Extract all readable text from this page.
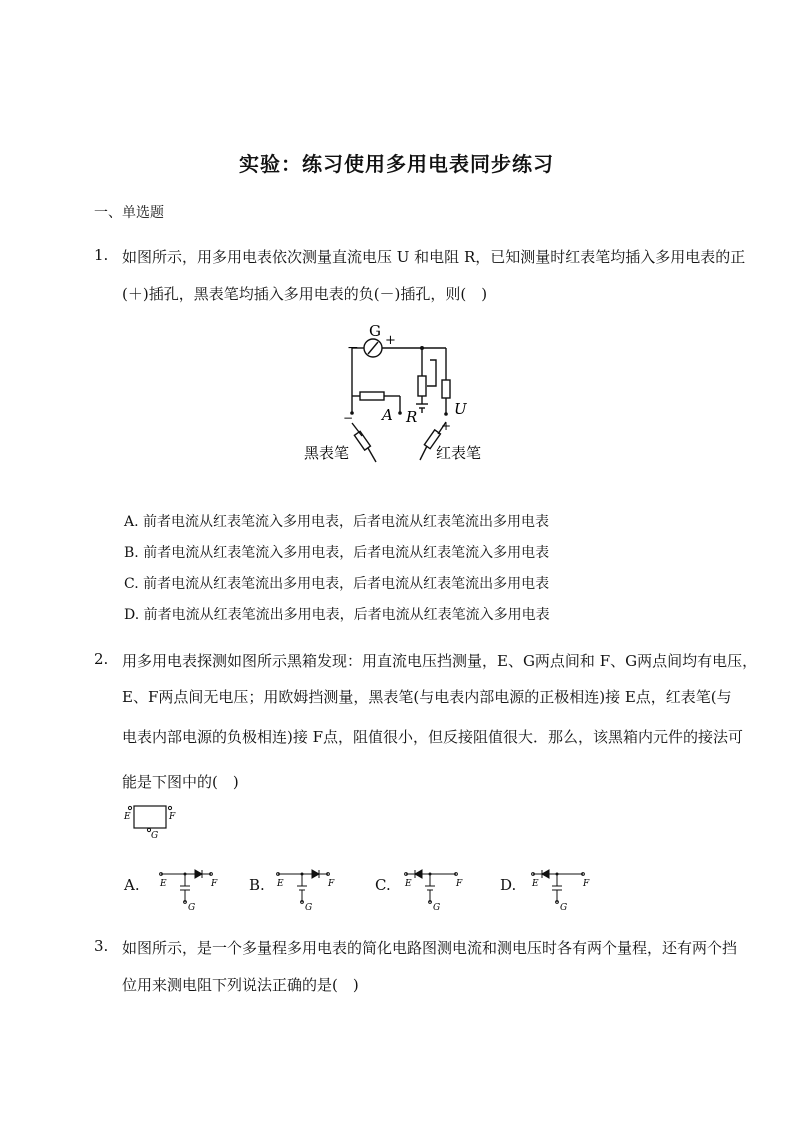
实验：练习使用多用电表同步练习
一、单选题
1. 如图所示，用多用电表依次测量直流电压 U 和电阻 R，已知测量时红表笔均插入多用电表的正
(＋)插孔，黑表笔均插入多用电表的负(－)插孔，则(　)
G
− +
−
+
A R U
黑表笔	红表笔
A. 前者电流从红表笔流入多用电表，后者电流从红表笔流出多用电表
B. 前者电流从红表笔流入多用电表，后者电流从红表笔流入多用电表
C. 前者电流从红表笔流出多用电表，后者电流从红表笔流出多用电表
D. 前者电流从红表笔流出多用电表，后者电流从红表笔流入多用电表
2. 用多用电表探测如图所示黑箱发现：用直流电压挡测量，E、G两点间和 F、G两点间均有电压，
E、F两点间无电压；用欧姆挡测量，黑表笔(与电表内部电源的正极相连)接 E点，红表笔(与
电表内部电源的负极相连)接 F点，阻值很小，但反接阻值很大．那么，该黑箱内元件的接法可
能是下图中的(　)
E	F
G
A.	B.	C.	D.
E	F
G
E	F
G
E	F
G
E	F
G
3. 如图所示，是一个多量程多用电表的简化电路图测电流和测电压时各有两个量程，还有两个挡
位用来测电阻下列说法正确的是(　)
